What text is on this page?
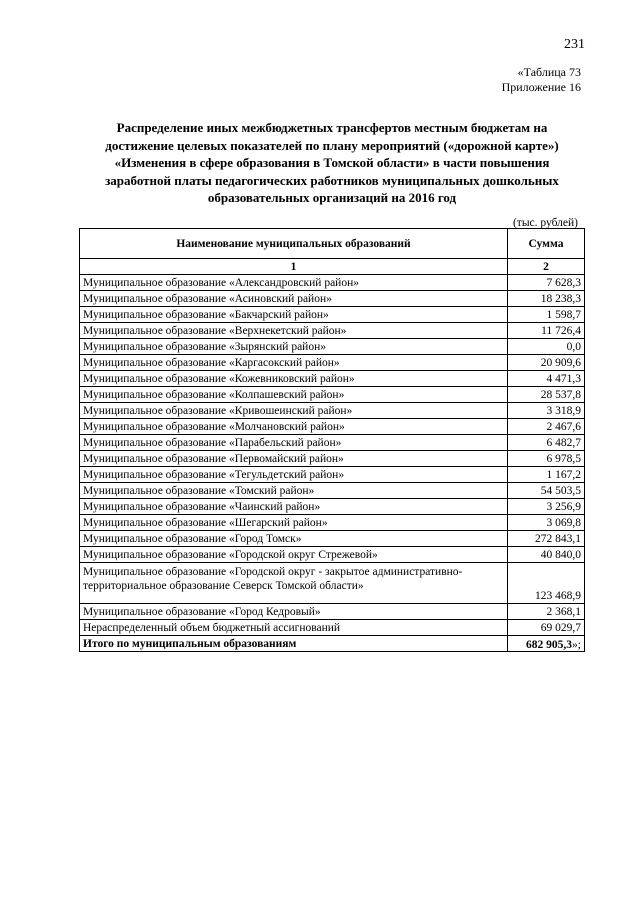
231
«Таблица 73
Приложение 16
Распределение иных межбюджетных трансфертов местным бюджетам на
достижение целевых показателей по плану мероприятий («дорожной карте»)
«Изменения в сфере образования в Томской области» в части повышения
заработной платы педагогических работников муниципальных дошкольных
образовательных организаций на 2016 год
(тыс. рублей)
Наименование муниципальных образований	Сумма
1	2
Муниципальное образование «Александровский район»	7 628,3
Муниципальное образование «Асиновский район»	18 238,3
Муниципальное образование «Бакчарский район»	1 598,7
Муниципальное образование «Верхнекетский район»	11 726,4
Муниципальное образование «Зырянский район»	0,0
Муниципальное образование «Каргасокский район»	20 909,6
Муниципальное образование «Кожевниковский район»	4 471,3
Муниципальное образование «Колпашевский район»	28 537,8
Муниципальное образование «Кривошеинский район»	3 318,9
Муниципальное образование «Молчановский район»	2 467,6
Муниципальное образование «Парабельский район»	6 482,7
Муниципальное образование «Первомайский район»	6 978,5
Муниципальное образование «Тегульдетский район»	1 167,2
Муниципальное образование «Томский район»	54 503,5
Муниципальное образование «Чаинский район»	3 256,9
Муниципальное образование «Шегарский район»	3 069,8
Муниципальное образование «Город Томск»	272 843,1
Муниципальное образование «Городской округ Стрежевой»	40 840,0
Муниципальное образование «Городской округ - закрытое административно-территориальное образование Северск Томской области»	123 468,9
Муниципальное образование «Город Кедровый»	2 368,1
Нераспределенный объем бюджетный ассигнований	69 029,7
Итого по муниципальным образованиям	682 905,3»;
